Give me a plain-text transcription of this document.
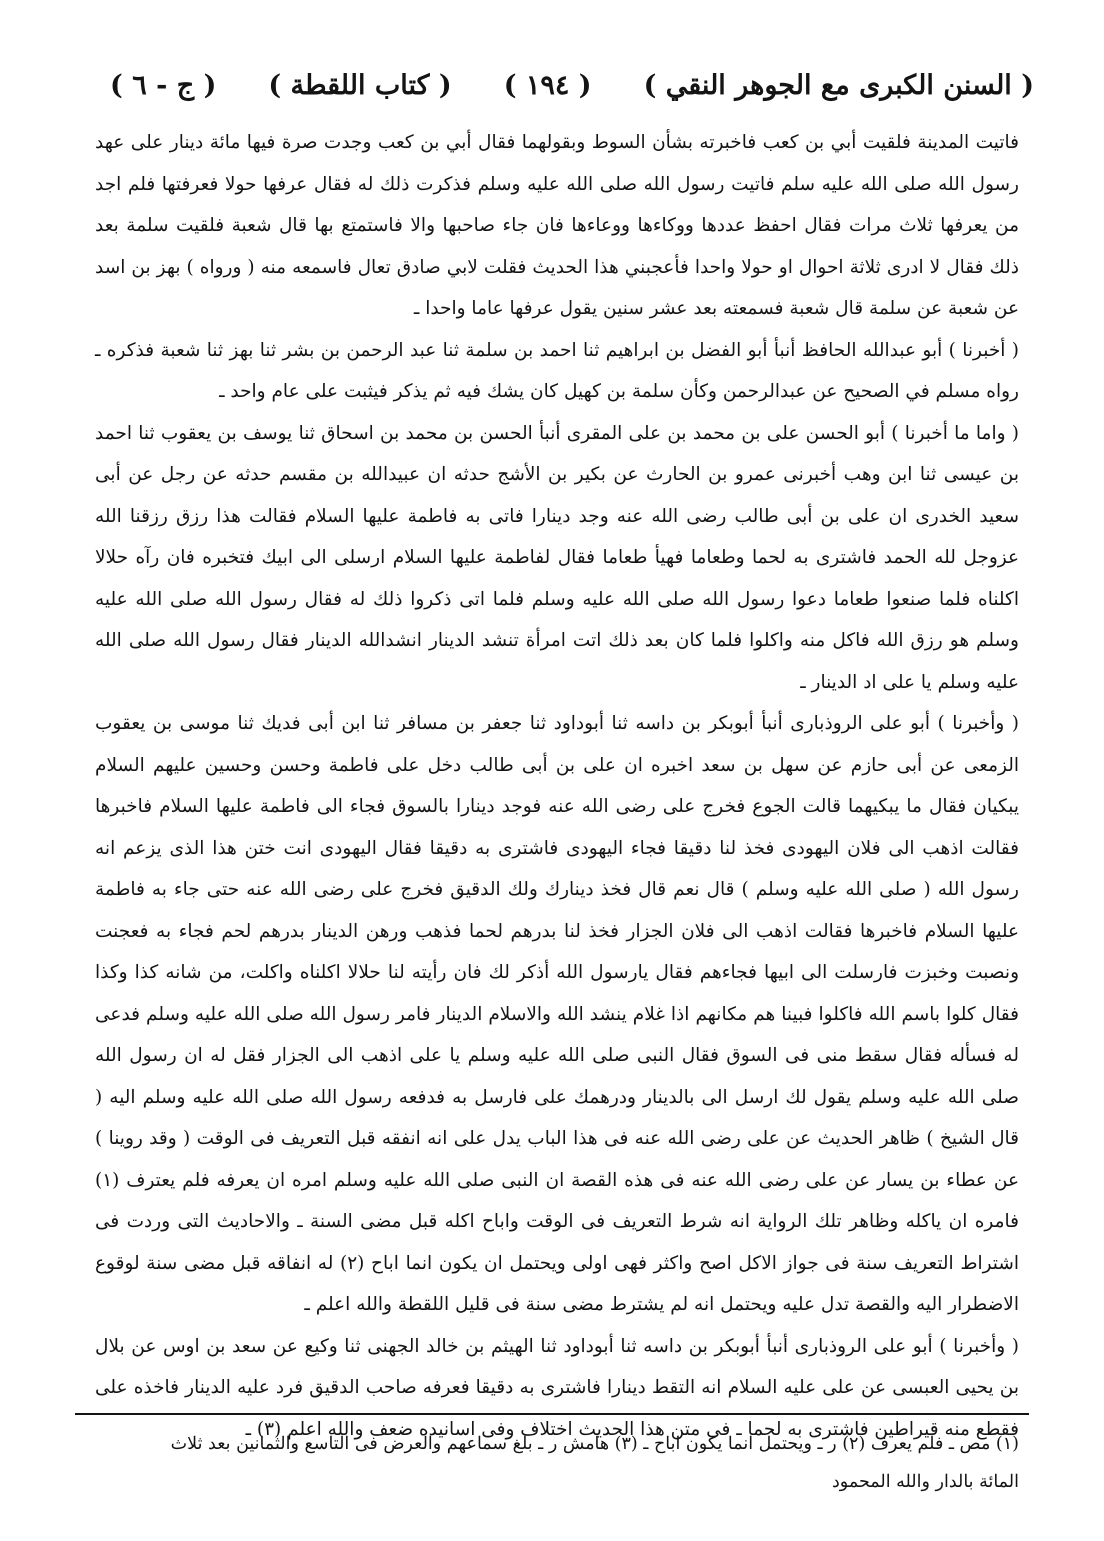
( السنن الكبرى مع الجوهر النقي )
( ١٩٤ )
( كتاب اللقطة )
( ج - ٦ )

فاتيت المدينة فلقيت أبي بن كعب فاخبرته بشأن السوط وبقولهما فقال أبي بن كعب وجدت صرة فيها مائة دينار على عهد رسول الله صلى الله عليه سلم فاتيت رسول الله صلى الله عليه وسلم فذكرت ذلك له فقال عرفها حولا فعرفتها فلم اجد من يعرفها ثلاث مرات فقال احفظ عددها ووكاءها ووعاءها فان جاء صاحبها والا فاستمتع بها قال شعبة فلقيت سلمة بعد ذلك فقال لا ادرى ثلاثة احوال او حولا واحدا فأعجبني هذا الحديث فقلت لابي صادق تعال فاسمعه منه ( ورواه ) بهز بن اسد عن شعبة عن سلمة قال شعبة فسمعته بعد عشر سنين يقول عرفها عاما واحدا ـ

( أخبرنا ) أبو عبدالله الحافظ أنبأ أبو الفضل بن ابراهيم ثنا احمد بن سلمة ثنا عبد الرحمن بن بشر ثنا بهز ثنا شعبة فذكره ـ رواه مسلم في الصحيح عن عبدالرحمن وكأن سلمة بن كهيل كان يشك فيه ثم يذكر فيثبت على عام واحد ـ

( واما ما أخبرنا ) أبو الحسن على بن محمد بن على المقرى أنبأ الحسن بن محمد بن اسحاق ثنا يوسف بن يعقوب ثنا احمد بن عيسى ثنا ابن وهب أخبرنى عمرو بن الحارث عن بكير بن الأشج حدثه ان عبيدالله بن مقسم حدثه عن رجل عن أبى سعيد الخدرى ان على بن أبى طالب رضى الله عنه وجد دينارا فاتى به فاطمة عليها السلام فقالت هذا رزق رزقنا الله عزوجل لله الحمد فاشترى به لحما وطعاما فهيأ طعاما فقال لفاطمة عليها السلام ارسلى الى ابيك فتخبره فان رآه حلالا اكلناه فلما صنعوا طعاما دعوا رسول الله صلى الله عليه وسلم فلما اتى ذكروا ذلك له فقال رسول الله صلى الله عليه وسلم هو رزق الله فاكل منه واكلوا فلما كان بعد ذلك اتت امرأة تنشد الدينار انشدالله الدينار فقال رسول الله صلى الله عليه وسلم يا على اد الدينار ـ

( وأخبرنا ) أبو على الروذبارى أنبأ أبوبكر بن داسه ثنا أبوداود ثنا جعفر بن مسافر ثنا ابن أبى فديك ثنا موسى بن يعقوب الزمعى عن أبى حازم عن سهل بن سعد اخبره ان على بن أبى طالب دخل على فاطمة وحسن وحسين عليهم السلام يبكيان فقال ما يبكيهما قالت الجوع فخرج على رضى الله عنه فوجد دينارا بالسوق فجاء الى فاطمة عليها السلام فاخبرها فقالت اذهب الى فلان اليهودى فخذ لنا دقيقا فجاء اليهودى فاشترى به دقيقا فقال اليهودى انت ختن هذا الذى يزعم انه رسول الله ( صلى الله عليه وسلم ) قال نعم قال فخذ دينارك ولك الدقيق فخرج على رضى الله عنه حتى جاء به فاطمة عليها السلام فاخبرها فقالت اذهب الى فلان الجزار فخذ لنا بدرهم لحما فذهب ورهن الدينار بدرهم لحم فجاء به فعجنت ونصبت وخبزت فارسلت الى ابيها فجاءهم فقال يارسول الله أذكر لك فان رأيته لنا حلالا اكلناه واكلت، من شانه كذا وكذا فقال كلوا باسم الله فاكلوا فبينا هم مكانهم اذا غلام ينشد الله والاسلام الدينار فامر رسول الله صلى الله عليه وسلم فدعى له فسأله فقال سقط منى فى السوق فقال النبى صلى الله عليه وسلم يا على اذهب الى الجزار فقل له ان رسول الله صلى الله عليه وسلم يقول لك ارسل الى بالدينار ودرهمك على فارسل به فدفعه رسول الله صلى الله عليه وسلم اليه ( قال الشيخ ) ظاهر الحديث عن على رضى الله عنه فى هذا الباب يدل على انه انفقه قبل التعريف فى الوقت ( وقد روينا ) عن عطاء بن يسار عن على رضى الله عنه فى هذه القصة ان النبى صلى الله عليه وسلم امره ان يعرفه فلم يعترف (١) فامره ان ياكله وظاهر تلك الرواية انه شرط التعريف فى الوقت واباح اكله قبل مضى السنة ـ والاحاديث التى وردت فى اشتراط التعريف سنة فى جواز الاكل اصح واكثر فهى اولى ويحتمل ان يكون انما اباح (٢) له انفاقه قبل مضى سنة لوقوع الاضطرار اليه والقصة تدل عليه ويحتمل انه لم يشترط مضى سنة فى قليل اللقطة والله اعلم ـ

( وأخبرنا ) أبو على الروذبارى أنبأ أبوبكر بن داسه ثنا أبوداود ثنا الهيثم بن خالد الجهنى ثنا وكيع عن سعد بن اوس عن بلال بن يحيى العبسى عن على عليه السلام انه التقط دينارا فاشترى به دقيقا فعرفه صاحب الدقيق فرد عليه الدينار فاخذه على فقطع منه قيراطين فاشترى به لحما ـ فى متن هذا الحديث اختلاف وفى اسانيده ضعف والله اعلم (٣) ـ

(١) مص ـ فلم يعرف (٢) ر ـ ويحتمل انما يكون اباح ـ (٣) هامش ر ـ بلغ سماعهم والعرض فى التاسع والثمانين بعد ثلاث

المائة بالدار والله المحمود
